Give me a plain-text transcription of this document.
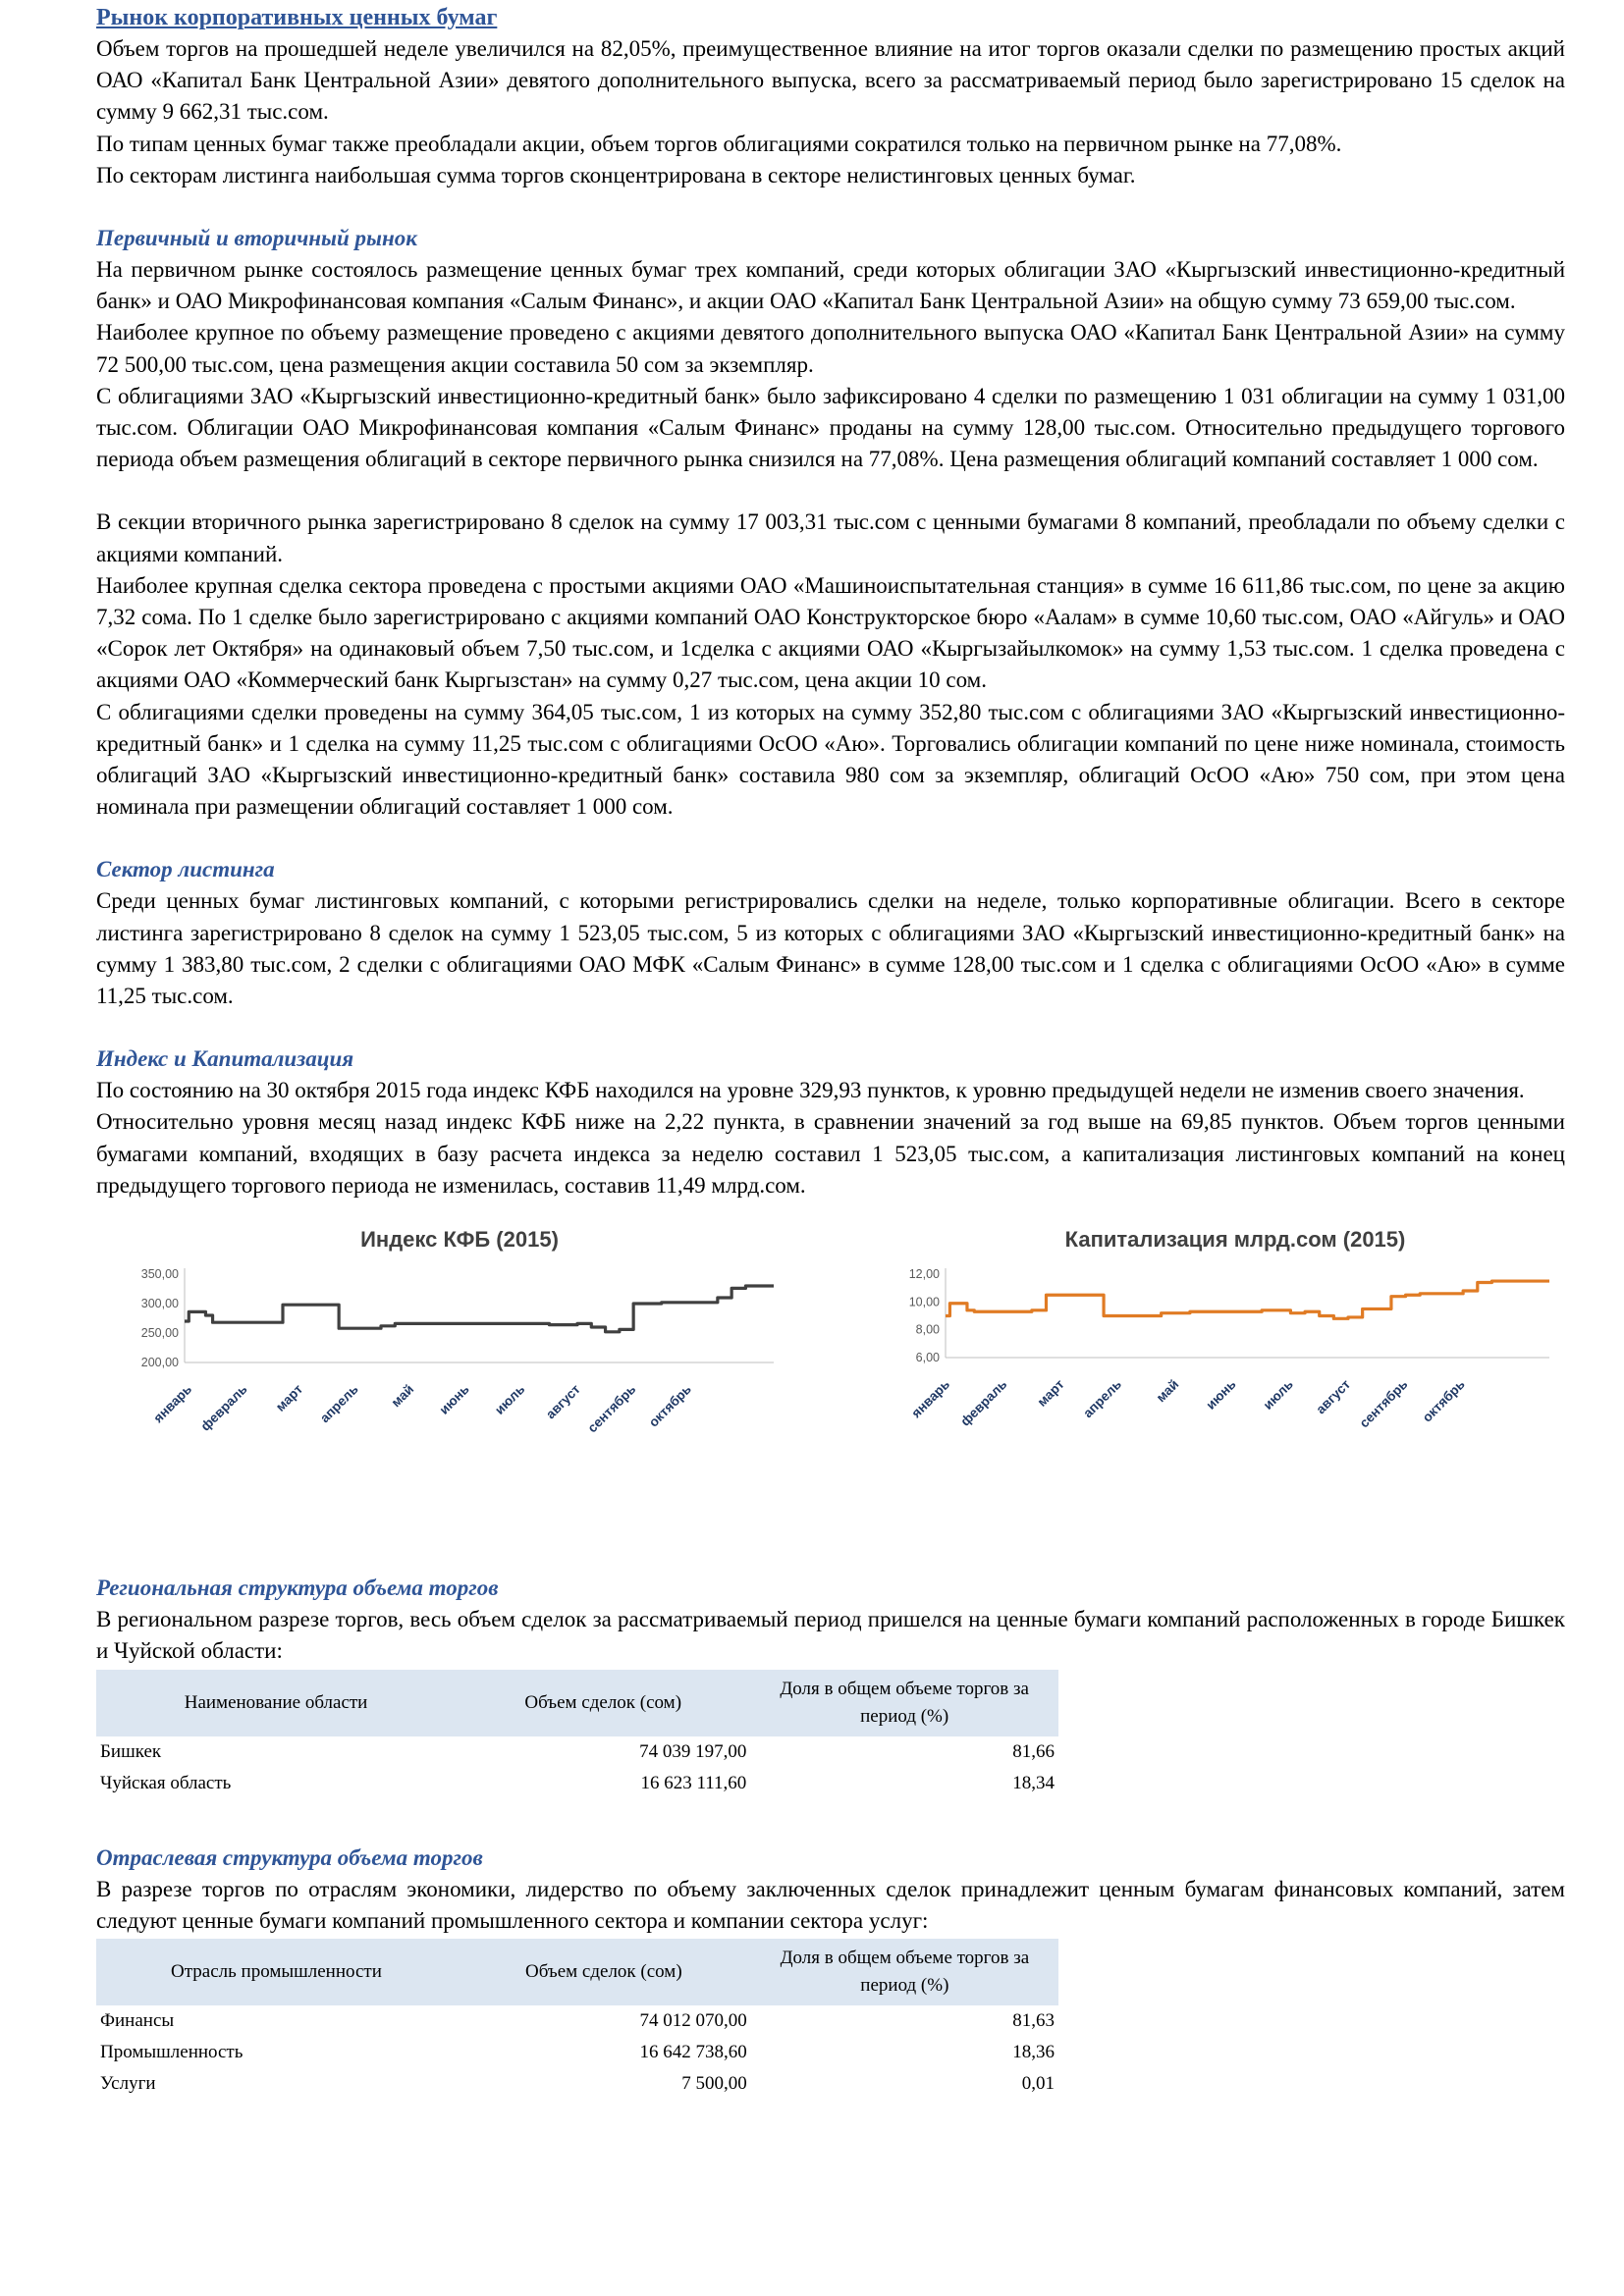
Рынок корпоративных ценных бумаг

Объем торгов на прошедшей неделе увеличился на 82,05%, преимущественное влияние на итог торгов оказали сделки по размещению простых акций ОАО «Капитал Банк Центральной Азии» девятого дополнительного выпуска, всего за рассматриваемый период было зарегистрировано 15 сделок на сумму 9 662,31 тыс.сом.

По типам ценных бумаг также преобладали акции, объем торгов облигациями сократился только на первичном рынке на 77,08%.

По секторам листинга наибольшая сумма торгов сконцентрирована в секторе нелистинговых ценных бумаг.

Первичный и вторичный рынок

На первичном рынке состоялось размещение ценных бумаг трех компаний, среди которых облигации ЗАО «Кыргызский инвестиционно-кредитный банк» и ОАО Микрофинансовая компания «Салым Финанс», и акции ОАО «Капитал Банк Центральной Азии» на общую сумму 73 659,00 тыс.сом.

Наиболее крупное по объему размещение проведено с акциями девятого дополнительного выпуска ОАО «Капитал Банк Центральной Азии» на сумму 72 500,00 тыс.сом, цена размещения акции составила 50 сом за экземпляр.

С облигациями ЗАО «Кыргызский инвестиционно-кредитный банк» было зафиксировано 4 сделки по размещению 1 031 облигации на сумму 1 031,00 тыс.сом. Облигации ОАО Микрофинансовая компания «Салым Финанс» проданы на сумму 128,00 тыс.сом. Относительно предыдущего торгового периода объем размещения облигаций в секторе первичного рынка снизился на 77,08%. Цена размещения облигаций компаний составляет 1 000 сом.

В секции вторичного рынка зарегистрировано 8 сделок на сумму 17 003,31 тыс.сом с ценными бумагами 8 компаний, преобладали по объему сделки с акциями компаний.

Наиболее крупная сделка сектора проведена с простыми акциями ОАО «Машиноиспытательная станция» в сумме 16 611,86 тыс.сом, по цене за акцию 7,32 сома. По 1 сделке было зарегистрировано с акциями компаний ОАО Конструкторское бюро «Аалам» в сумме 10,60 тыс.сом, ОАО «Айгуль» и ОАО «Сорок лет Октября» на одинаковый объем 7,50 тыс.сом, и 1сделка с акциями ОАО «Кыргызайылкомок» на сумму 1,53 тыс.сом. 1 сделка проведена с акциями ОАО «Коммерческий банк Кыргызстан» на сумму 0,27 тыс.сом, цена акции 10 сом.

С облигациями сделки проведены на сумму 364,05 тыс.сом, 1 из которых на сумму 352,80 тыс.сом с облигациями ЗАО «Кыргызский инвестиционно-кредитный банк» и 1 сделка на сумму 11,25 тыс.сом с облигациями ОсОО «Аю». Торговались облигации компаний по цене ниже номинала, стоимость облигаций ЗАО «Кыргызский инвестиционно-кредитный банк» составила 980 сом за экземпляр, облигаций ОсОО «Аю» 750 сом, при этом цена номинала при размещении облигаций составляет 1 000 сом.

Сектор листинга

Среди ценных бумаг листинговых компаний, с которыми регистрировались сделки на неделе, только корпоративные облигации. Всего в секторе листинга зарегистрировано 8 сделок на сумму 1 523,05 тыс.сом, 5 из которых с облигациями ЗАО «Кыргызский инвестиционно-кредитный банк» на сумму 1 383,80 тыс.сом, 2 сделки с облигациями ОАО МФК «Салым Финанс» в сумме 128,00 тыс.сом и 1 сделка с облигациями ОсОО «Аю» в сумме 11,25 тыс.сом.

Индекс и Капитализация

По состоянию на 30 октября 2015 года индекс КФБ находился на уровне 329,93 пунктов, к уровню предыдущей недели не изменив своего значения.

Относительно уровня месяц назад индекс КФБ ниже на 2,22 пункта, в сравнении значений за год выше на 69,85 пунктов. Объем торгов ценными бумагами компаний, входящих в базу расчета индекса за неделю составил 1 523,05 тыс.сом, а капитализация листинговых компаний на конец предыдущего торгового периода не изменилась, составив 11,49 млрд.сом.

Индекс КФБ (2015)
200,00
250,00
300,00
350,00
январь февраль март апрель май июнь июль август сентябрь октябрь
Капитализация млрд.сом (2015)
6,00
8,00
10,00
12,00
январь февраль март апрель май июнь июль август сентябрь октябрь
Региональная структура объема торгов

В региональном разрезе торгов, весь объем сделок за рассматриваемый период пришелся на ценные бумаги компаний расположенных в городе Бишкек и Чуйской области:

Наименование области	Объем сделок (сом)	Доля в общем объеме торгов за период (%)
Бишкек	74 039 197,00	81,66
Чуйская область	16 623 111,60	18,34
Отраслевая структура объема торгов

В разрезе торгов по отраслям экономики, лидерство по объему заключенных сделок принадлежит ценным бумагам финансовых компаний, затем следуют ценные бумаги компаний промышленного сектора и компании сектора услуг:

Отрасль промышленности	Объем сделок (сом)	Доля в общем объеме торгов за период (%)
Финансы	74 012 070,00	81,63
Промышленность	16 642 738,60	18,36
Услуги	7 500,00	0,01
